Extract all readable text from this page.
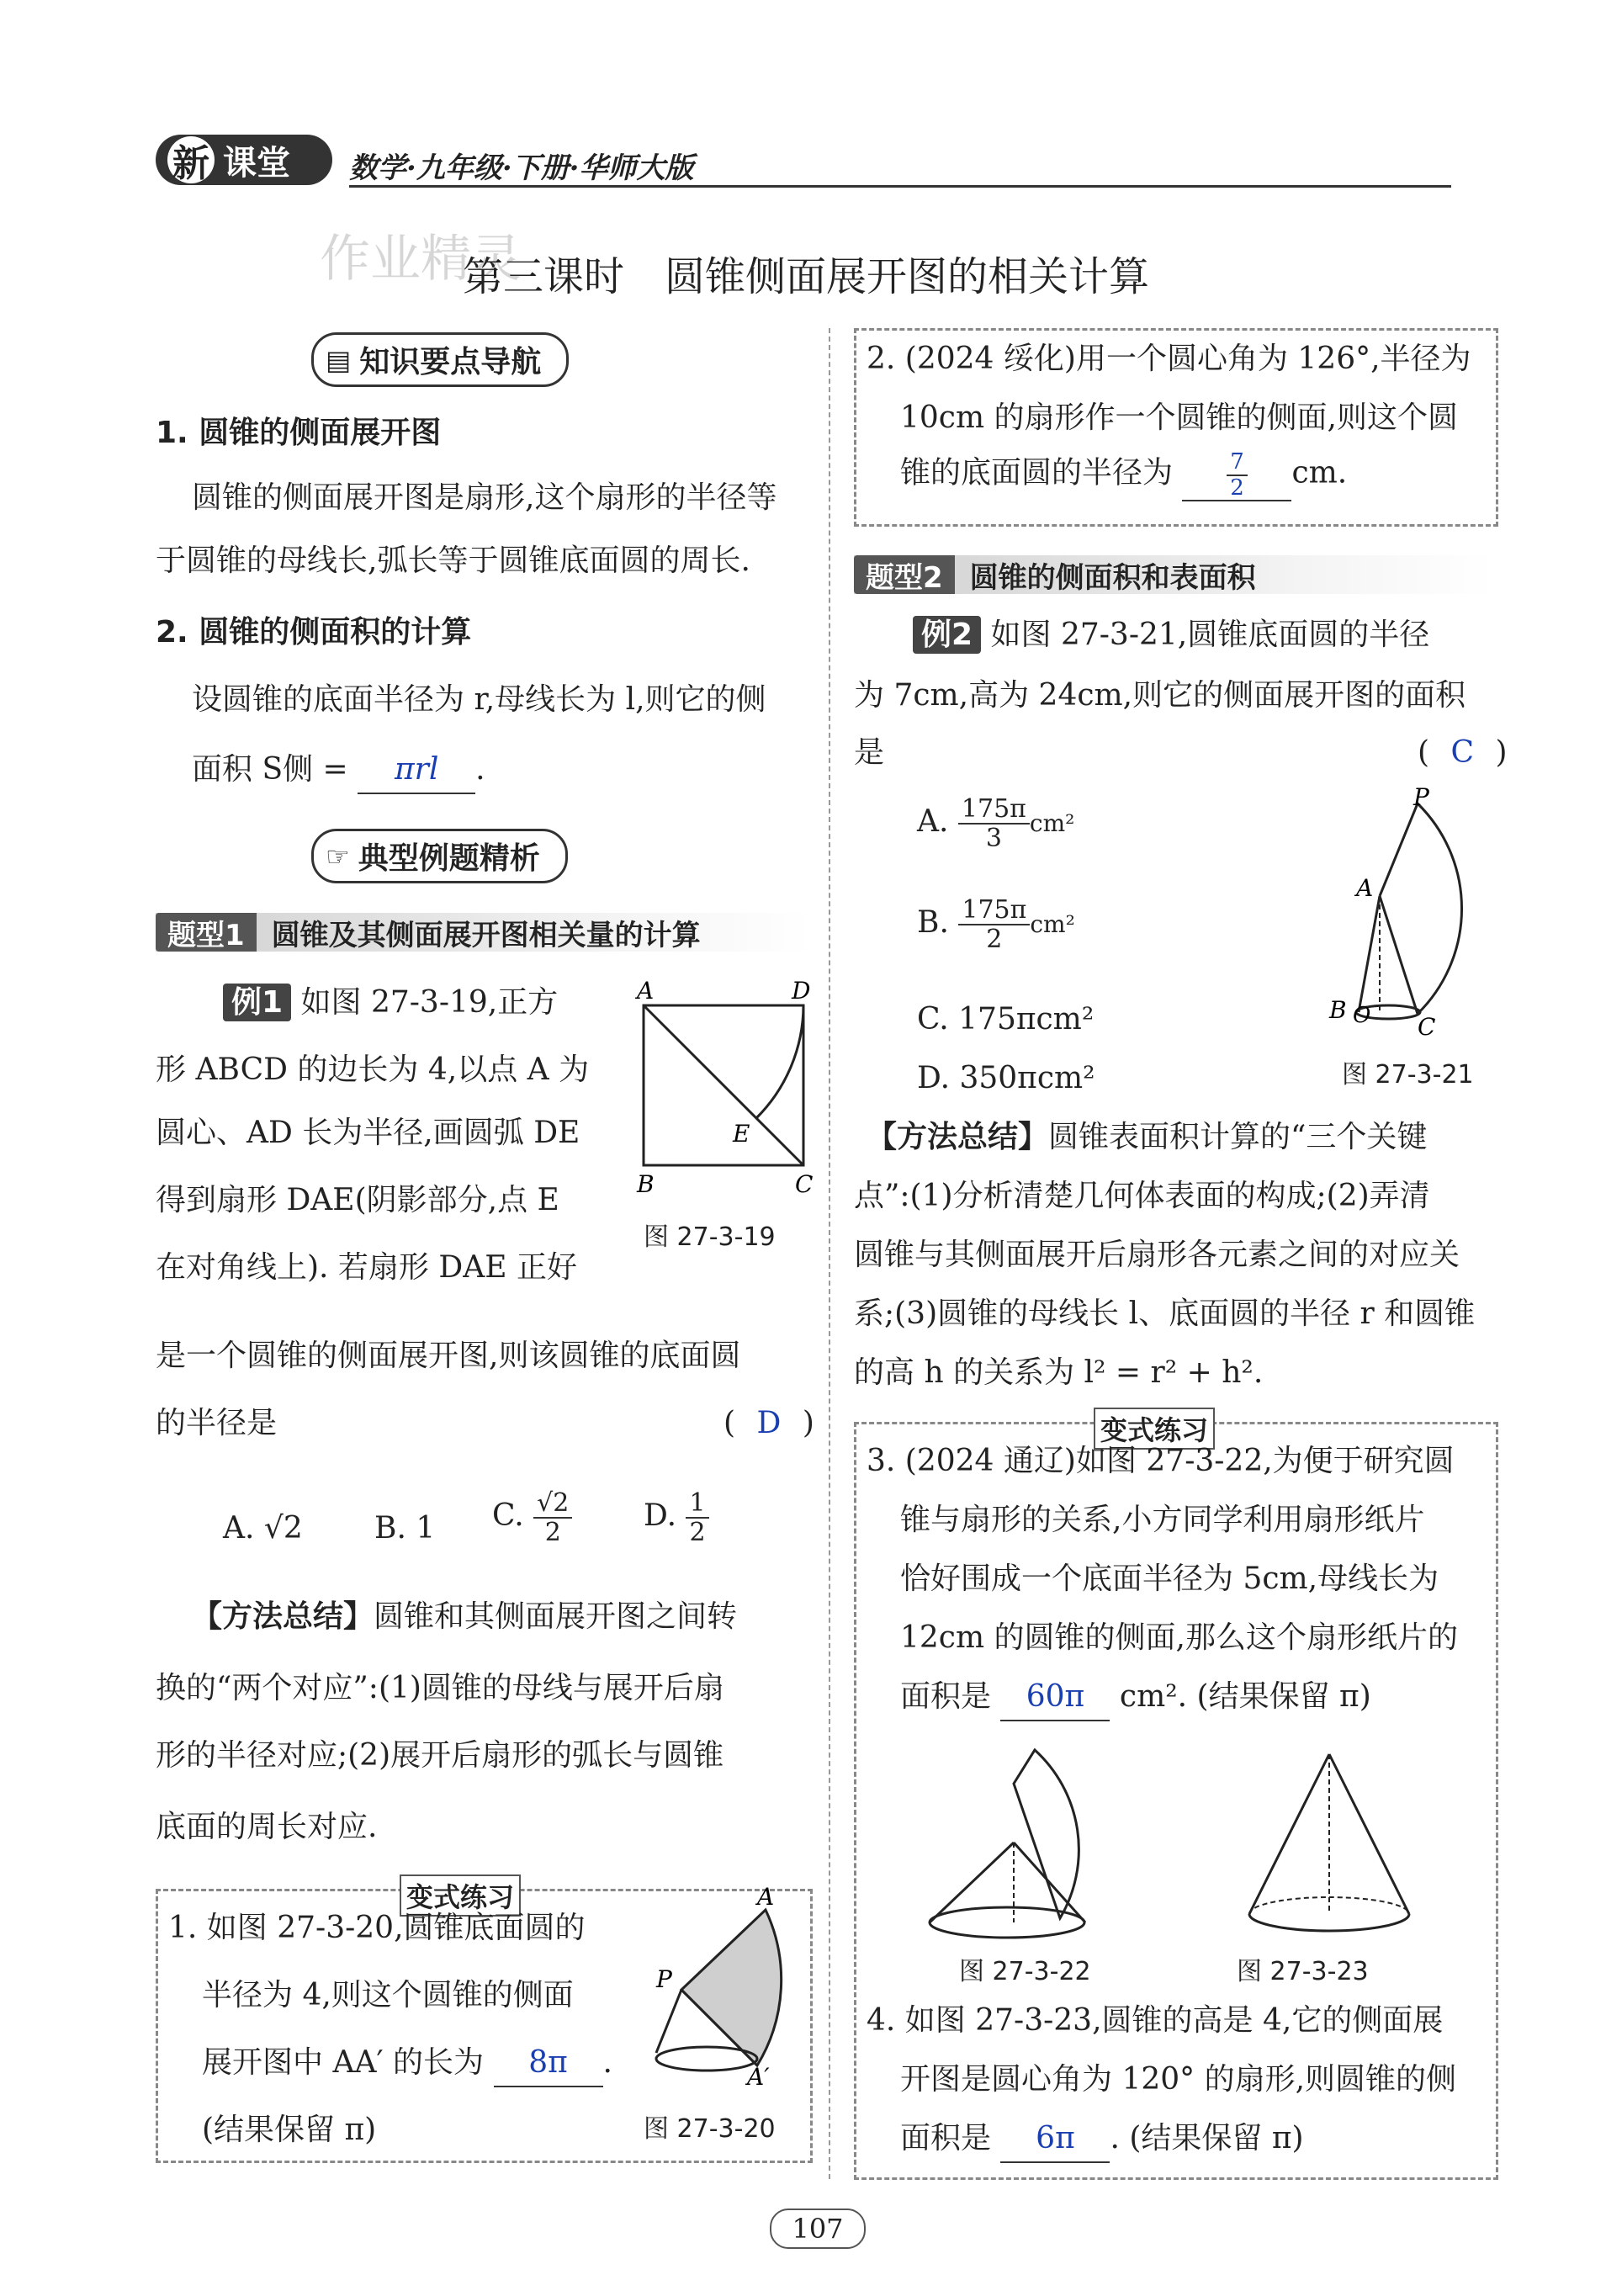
新 课堂 数学·九年级·下册·华师大版
作业精灵
第三课时　圆锥侧面展开图的相关计算
▤ 知识要点导航
1. 圆锥的侧面展开图
圆锥的侧面展开图是扇形,这个扇形的半径等
于圆锥的母线长,弧长等于圆锥底面圆的周长.
2. 圆锥的侧面积的计算
设圆锥的底面半径为 r,母线长为 l,则它的侧
面积 S侧 = πrl .
☞ 典型例题精析
题型1 圆锥及其侧面展开图相关量的计算
例1 如图 27-3-19,正方
形 ABCD 的边长为 4,以点 A 为
圆心、AD 长为半径,画圆弧 DE
得到扇形 DAE(阴影部分,点 E
在对角线上). 若扇形 DAE 正好
是一个圆锥的侧面展开图,则该圆锥的底面圆
的半径是	( D )
A. √2 B. 1 C. $\frac{√2}{2} D$. $\frac{1}{2}$
A	D
B	C
E
图 27-3-19
【方法总结】圆锥和其侧面展开图之间转
换的“两个对应”:(1)圆锥的母线与展开后扇
形的半径对应;(2)展开后扇形的弧长与圆锥
底面的周长对应.
变式练习
1. 如图 27-3-20,圆锥底面圆的
半径为 4,则这个圆锥的侧面
展开图中 AA′ 的长为 8π .
(结果保留 π)
A
P
A′
图 27-3-20
2. (2024 绥化)用一个圆心角为 126°,半径为
10cm 的扇形作一个圆锥的侧面,则这个圆
锥的底面圆的半径为 $\frac{7}{2}$ cm.
题型2 圆锥的侧面积和表面积
例2 如图 27-3-21,圆锥底面圆的半径
为 7cm,高为 24cm,则它的侧面展开图的面积
是	( C )
A. $\frac{175\pi}{3} cm^2$
B. $\frac{175\pi}{2} cm^2$
C. 175πcm²
D. 350πcm²
P
A
B O C
图 27-3-21
【方法总结】圆锥表面积计算的“三个关键
点”:(1)分析清楚几何体表面的构成;(2)弄清
圆锥与其侧面展开后扇形各元素之间的对应关
系;(3)圆锥的母线长 l、底面圆的半径 r 和圆锥
的高 h 的关系为 l² = r² + h².
变式练习
3. (2024 通辽)如图 27-3-22,为便于研究圆
锥与扇形的关系,小方同学利用扇形纸片
恰好围成一个底面半径为 5cm,母线长为
12cm 的圆锥的侧面,那么这个扇形纸片的
面积是 60π cm². (结果保留 π)
图 27-3-22	图 27-3-23
4. 如图 27-3-23,圆锥的高是 4,它的侧面展
开图是圆心角为 120° 的扇形,则圆锥的侧
面积是 6π . (结果保留 π)
107
